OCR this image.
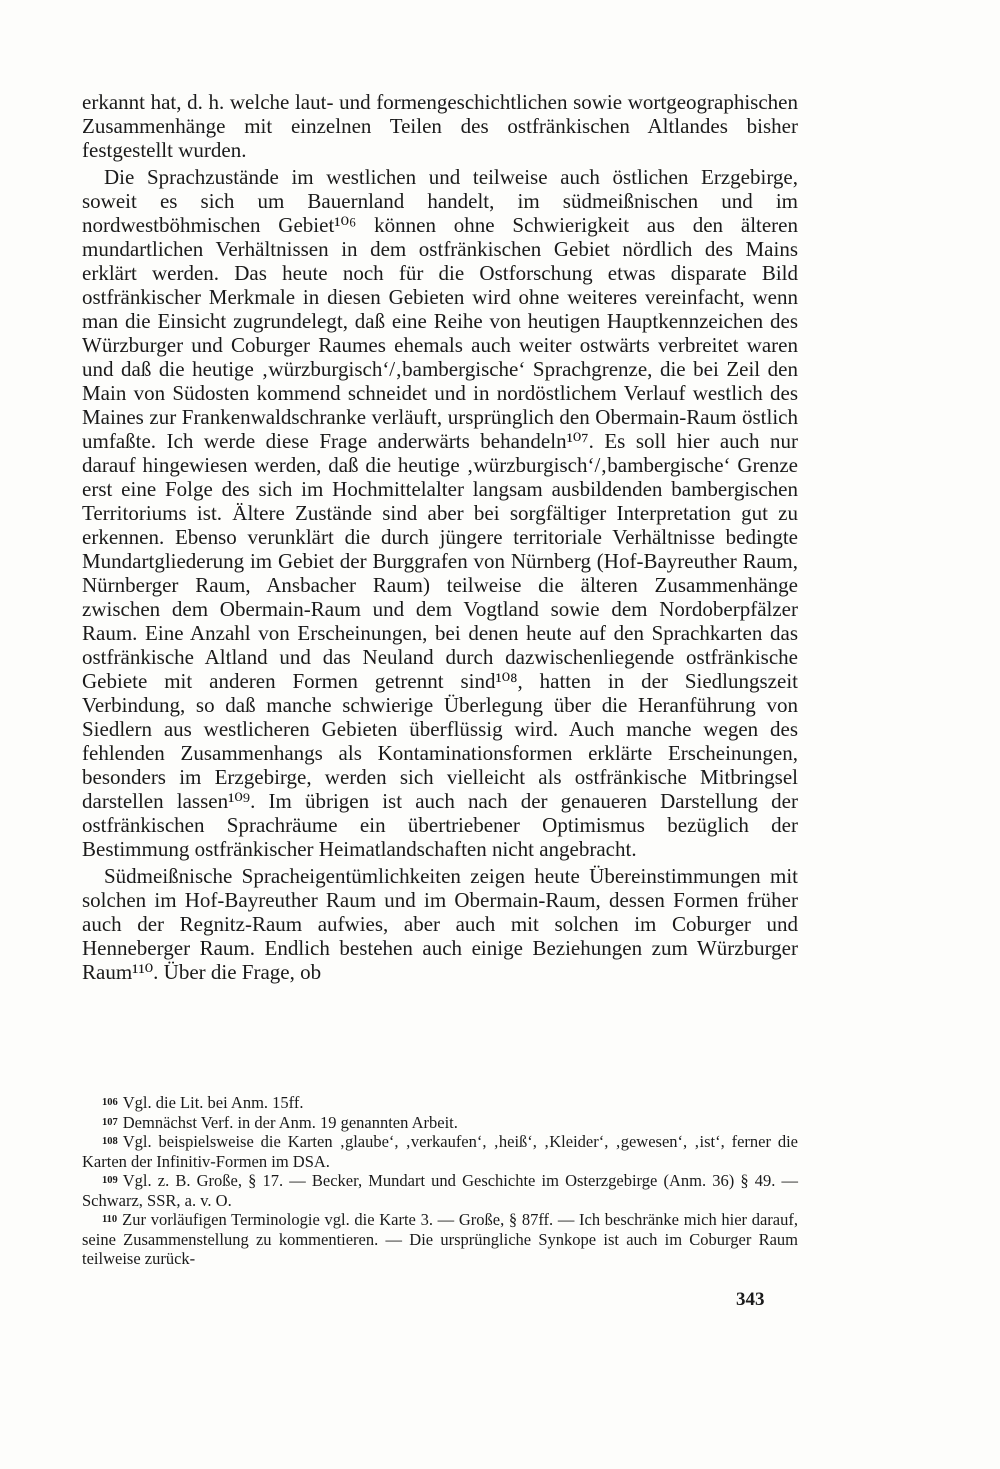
erkannt hat, d. h. welche laut- und formengeschichtlichen sowie wortgeographischen Zusammenhänge mit einzelnen Teilen des ostfränkischen Altlandes bisher festgestellt wurden.

Die Sprachzustände im westlichen und teilweise auch östlichen Erzgebirge, soweit es sich um Bauernland handelt, im südmeißnischen und im nordwestböhmischen Gebiet¹⁰⁶ können ohne Schwierigkeit aus den älteren mundartlichen Verhältnissen in dem ostfränkischen Gebiet nördlich des Mains erklärt werden. Das heute noch für die Ostforschung etwas disparate Bild ostfränkischer Merkmale in diesen Gebieten wird ohne weiteres vereinfacht, wenn man die Einsicht zugrundelegt, daß eine Reihe von heutigen Hauptkennzeichen des Würzburger und Coburger Raumes ehemals auch weiter ostwärts verbreitet waren und daß die heutige ‚würzburgisch‘/‚bambergische‘ Sprachgrenze, die bei Zeil den Main von Südosten kommend schneidet und in nordöstlichem Verlauf westlich des Maines zur Frankenwaldschranke verläuft, ursprünglich den Obermain-Raum östlich umfaßte. Ich werde diese Frage anderwärts behandeln¹⁰⁷. Es soll hier auch nur darauf hingewiesen werden, daß die heutige ‚würzburgisch‘/‚bambergische‘ Grenze erst eine Folge des sich im Hochmittelalter langsam ausbildenden bambergischen Territoriums ist. Ältere Zustände sind aber bei sorgfältiger Interpretation gut zu erkennen. Ebenso verunklärt die durch jüngere territoriale Verhältnisse bedingte Mundartgliederung im Gebiet der Burggrafen von Nürnberg (Hof-Bayreuther Raum, Nürnberger Raum, Ansbacher Raum) teilweise die älteren Zusammenhänge zwischen dem Obermain-Raum und dem Vogtland sowie dem Nordoberpfälzer Raum. Eine Anzahl von Erscheinungen, bei denen heute auf den Sprachkarten das ostfränkische Altland und das Neuland durch dazwischenliegende ostfränkische Gebiete mit anderen Formen getrennt sind¹⁰⁸, hatten in der Siedlungszeit Verbindung, so daß manche schwierige Überlegung über die Heranführung von Siedlern aus westlicheren Gebieten überflüssig wird. Auch manche wegen des fehlenden Zusammenhangs als Kontaminationsformen erklärte Erscheinungen, besonders im Erzgebirge, werden sich vielleicht als ostfränkische Mitbringsel darstellen lassen¹⁰⁹. Im übrigen ist auch nach der genaueren Darstellung der ostfränkischen Sprachräume ein übertriebener Optimismus bezüglich der Bestimmung ostfränkischer Heimatlandschaften nicht angebracht.

Südmeißnische Spracheigentümlichkeiten zeigen heute Übereinstimmungen mit solchen im Hof-Bayreuther Raum und im Obermain-Raum, dessen Formen früher auch der Regnitz-Raum aufwies, aber auch mit solchen im Coburger und Henneberger Raum. Endlich bestehen auch einige Beziehungen zum Würzburger Raum¹¹⁰. Über die Frage, ob

106 Vgl. die Lit. bei Anm. 15ff.

107 Demnächst Verf. in der Anm. 19 genannten Arbeit.

108 Vgl. beispielsweise die Karten ‚glaube‘, ‚verkaufen‘, ‚heiß‘, ‚Kleider‘, ‚gewesen‘, ‚ist‘, ferner die Karten der Infinitiv-Formen im DSA.

109 Vgl. z. B. Große, § 17. — Becker, Mundart und Geschichte im Osterzgebirge (Anm. 36) § 49. — Schwarz, SSR, a. v. O.

110 Zur vorläufigen Terminologie vgl. die Karte 3. — Große, § 87ff. — Ich beschränke mich hier darauf, seine Zusammenstellung zu kommentieren. — Die ursprüngliche Synkope ist auch im Coburger Raum teilweise zurück-

343
